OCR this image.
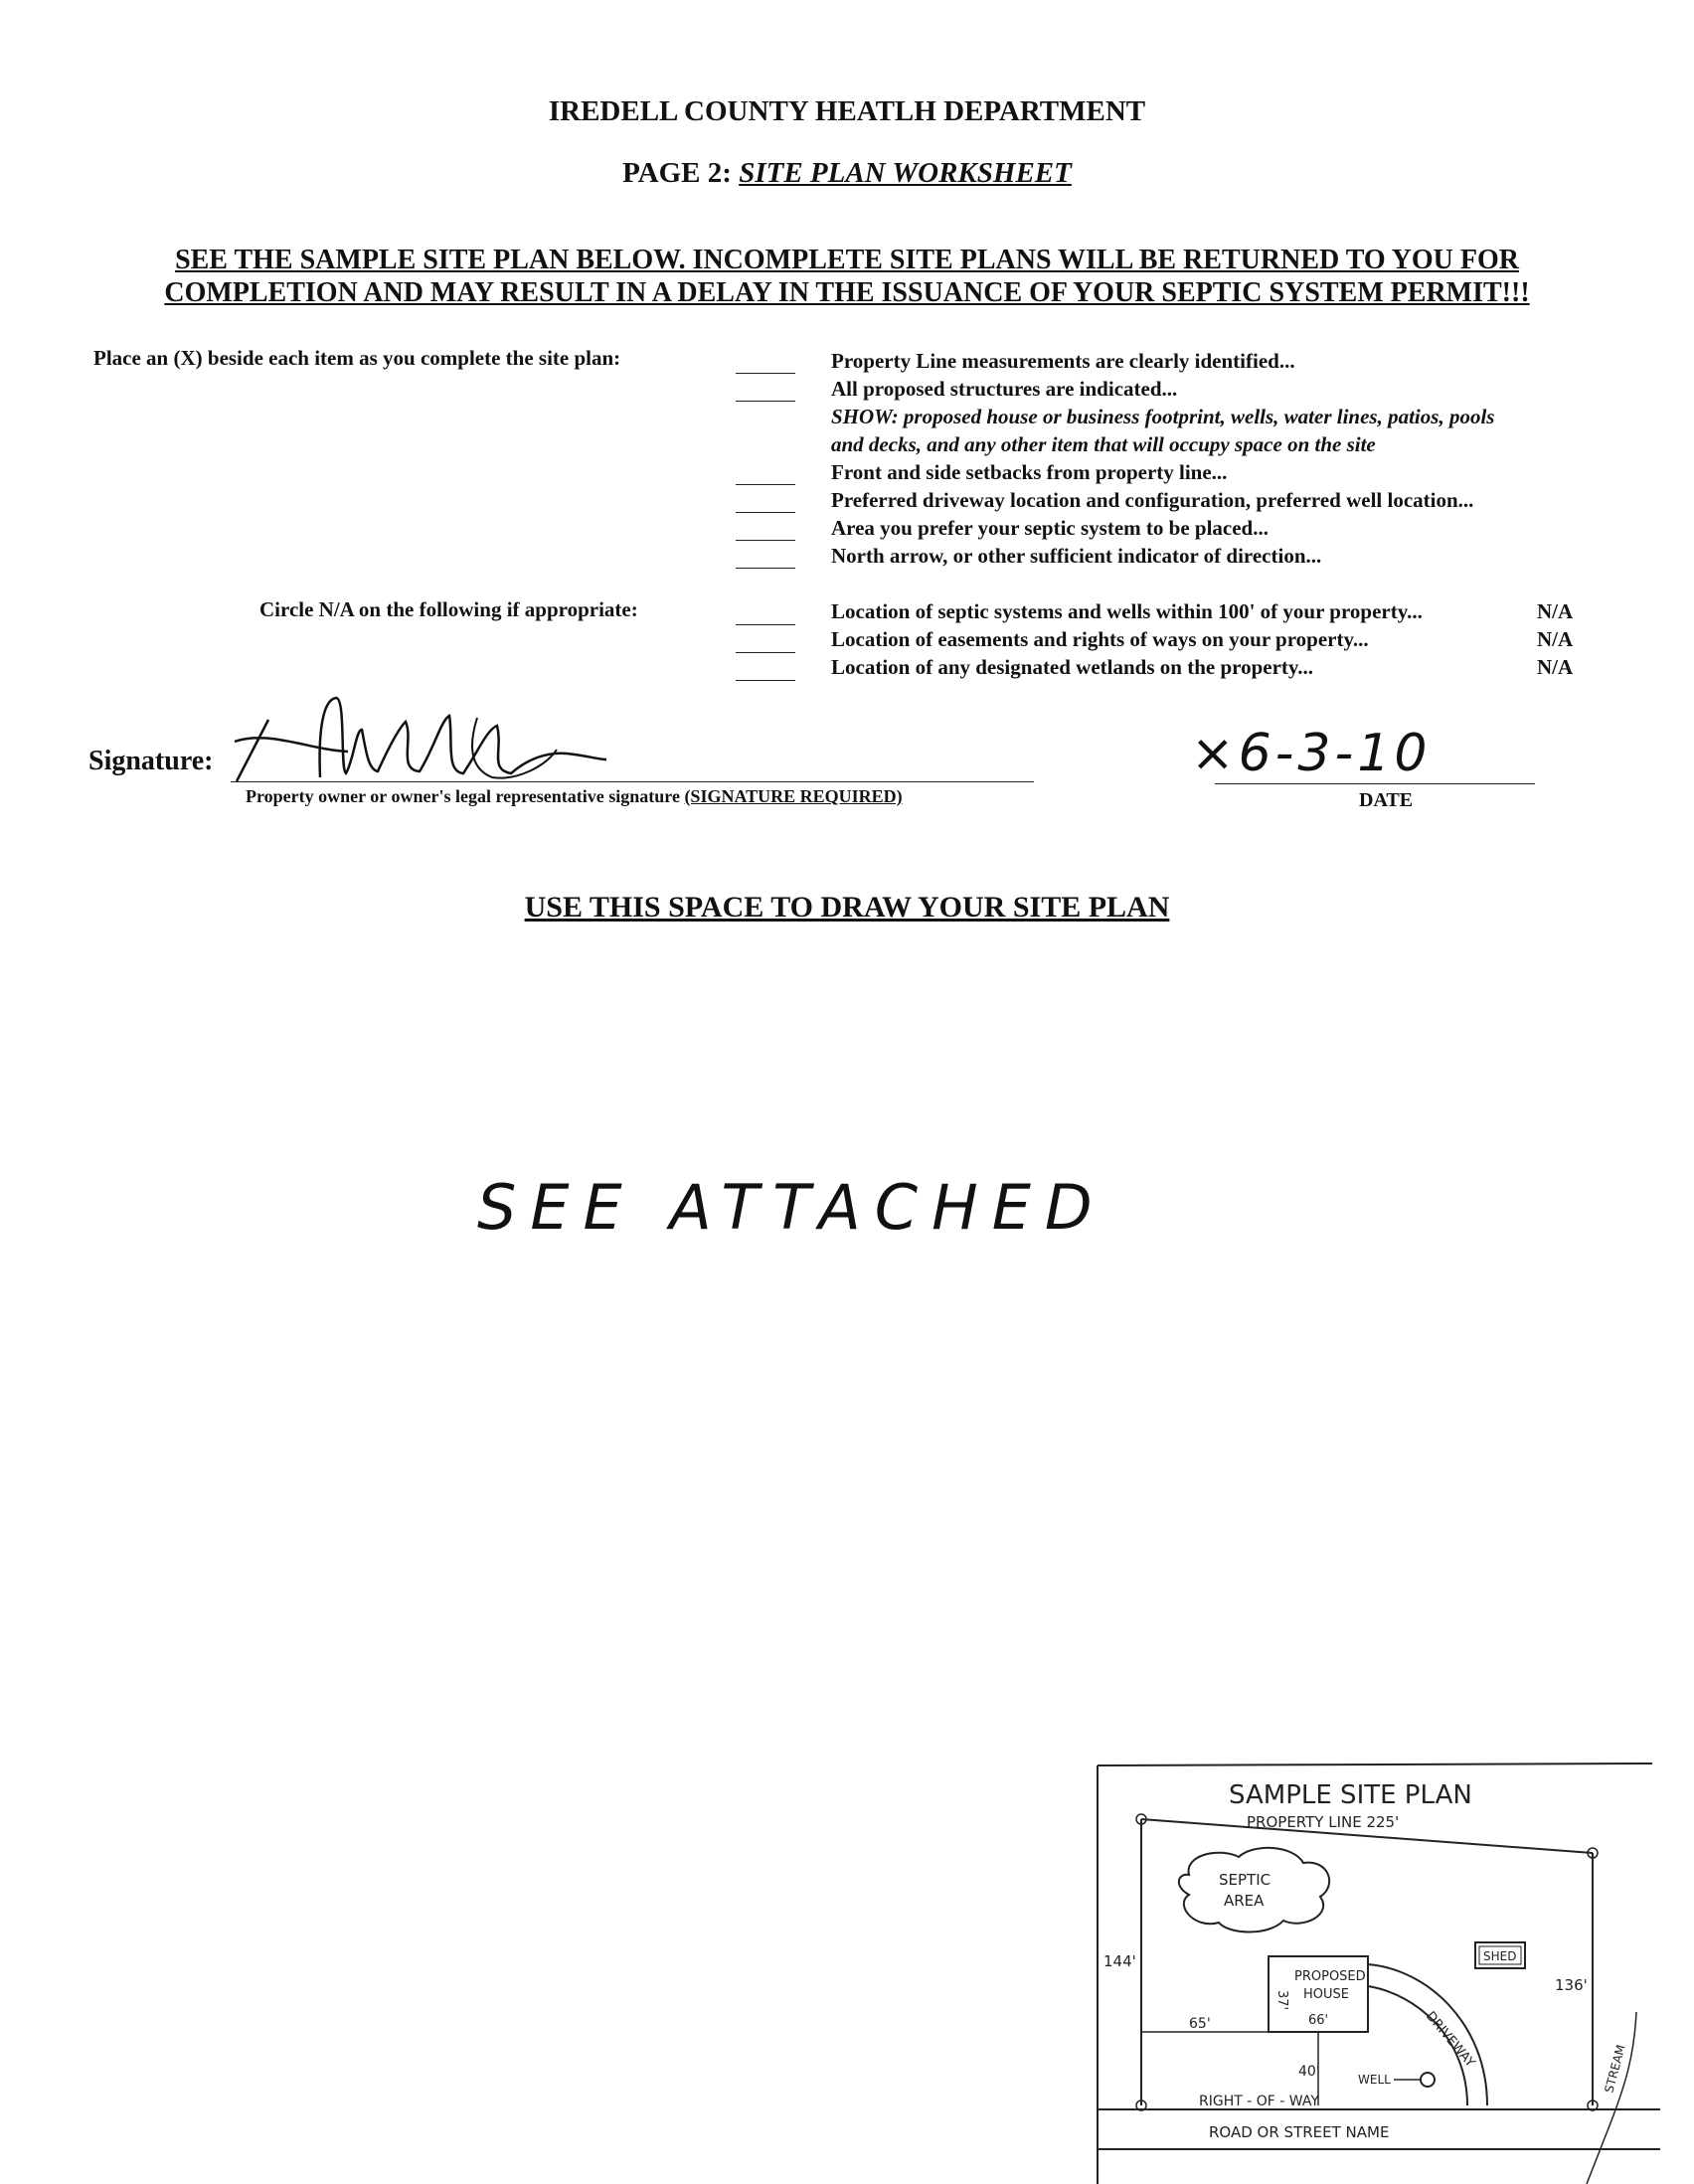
IREDELL COUNTY HEATLH DEPARTMENT
PAGE 2: SITE PLAN WORKSHEET
SEE THE SAMPLE SITE PLAN BELOW. INCOMPLETE SITE PLANS WILL BE RETURNED TO YOU FOR
COMPLETION AND MAY RESULT IN A DELAY IN THE ISSUANCE OF YOUR SEPTIC SYSTEM PERMIT!!!
Place an (X) beside each item as you complete the site plan:	Property Line measurements are clearly identified...
All proposed structures are indicated...
SHOW: proposed house or business footprint, wells, water lines, patios, pools
and decks, and any other item that will occupy space on the site
Front and side setbacks from property line...
Preferred driveway location and configuration, preferred well location...
Area you prefer your septic system to be placed...
North arrow, or other sufficient indicator of direction...
Circle N/A on the following if appropriate:	Location of septic systems and wells within 100' of your property...	N/A
Location of easements and rights of ways on your property...	N/A
Location of any designated wetlands on the property...	N/A
Signature:
Property owner or owner's legal representative signature (SIGNATURE REQUIRED)
×6-3-10
DATE
USE THIS SPACE TO DRAW YOUR SITE PLAN
SEE ATTACHED
SAMPLE SITE PLAN
PROPERTY LINE 225'
SEPTIC
AREA
SHED
PROPOSED
HOUSE
66'
37'
DRIVEWAY
144'
136'
65'
40'	WELL
RIGHT - OF - WAY
ROAD OR STREET NAME
STREAM
